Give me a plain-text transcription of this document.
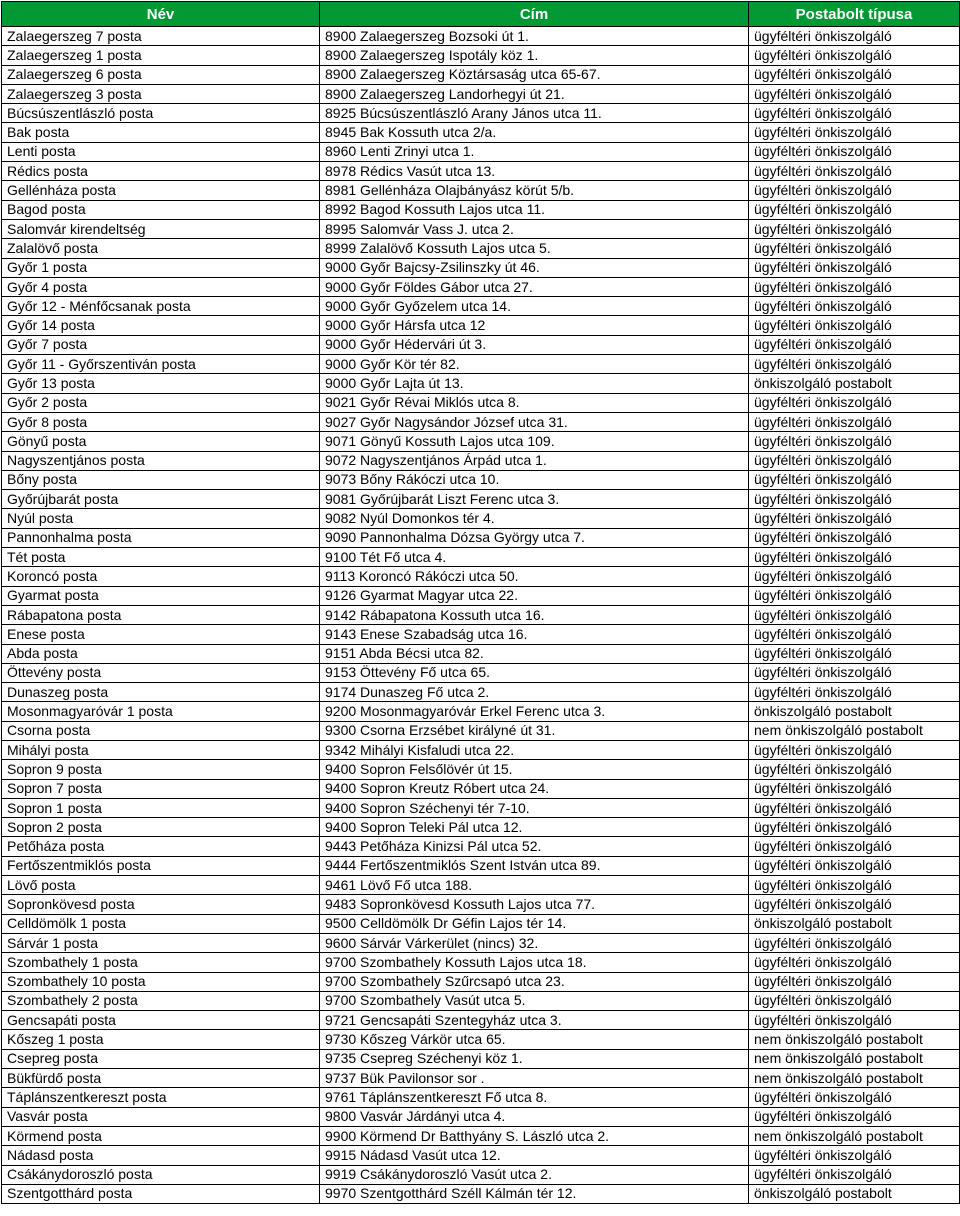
Név	Cím	Postabolt típusa
Zalaegerszeg 7 posta	8900 Zalaegerszeg Bozsoki út 1.	ügyféltéri önkiszolgáló
Zalaegerszeg 1 posta	8900 Zalaegerszeg Ispotály köz 1.	ügyféltéri önkiszolgáló
Zalaegerszeg 6 posta	8900 Zalaegerszeg Köztársaság utca 65-67.	ügyféltéri önkiszolgáló
Zalaegerszeg 3 posta	8900 Zalaegerszeg Landorhegyi út 21.	ügyféltéri önkiszolgáló
Búcsúszentlászló posta	8925 Búcsúszentlászló Arany János utca 11.	ügyféltéri önkiszolgáló
Bak posta	8945 Bak Kossuth utca 2/a.	ügyféltéri önkiszolgáló
Lenti posta	8960 Lenti Zrinyi utca 1.	ügyféltéri önkiszolgáló
Rédics posta	8978 Rédics Vasút utca 13.	ügyféltéri önkiszolgáló
Gellénháza posta	8981 Gellénháza Olajbányász körút 5/b.	ügyféltéri önkiszolgáló
Bagod posta	8992 Bagod Kossuth Lajos utca 11.	ügyféltéri önkiszolgáló
Salomvár kirendeltség	8995 Salomvár Vass J. utca 2.	ügyféltéri önkiszolgáló
Zalalövő posta	8999 Zalalövő Kossuth Lajos utca 5.	ügyféltéri önkiszolgáló
Győr 1 posta	9000 Győr Bajcsy-Zsilinszky út 46.	ügyféltéri önkiszolgáló
Győr 4 posta	9000 Győr Földes Gábor utca 27.	ügyféltéri önkiszolgáló
Győr 12 - Ménfőcsanak posta	9000 Győr Győzelem utca 14.	ügyféltéri önkiszolgáló
Győr 14 posta	9000 Győr Hársfa utca 12	ügyféltéri önkiszolgáló
Győr 7 posta	9000 Győr Hédervári út 3.	ügyféltéri önkiszolgáló
Győr 11 - Győrszentiván posta	9000 Győr Kör tér 82.	ügyféltéri önkiszolgáló
Győr 13 posta	9000 Győr Lajta út 13.	önkiszolgáló postabolt
Győr 2 posta	9021 Győr Révai Miklós utca 8.	ügyféltéri önkiszolgáló
Győr 8 posta	9027 Győr Nagysándor József utca 31.	ügyféltéri önkiszolgáló
Gönyű posta	9071 Gönyű Kossuth Lajos utca 109.	ügyféltéri önkiszolgáló
Nagyszentjános posta	9072 Nagyszentjános Árpád utca 1.	ügyféltéri önkiszolgáló
Bőny posta	9073 Bőny Rákóczi utca 10.	ügyféltéri önkiszolgáló
Győrújbarát posta	9081 Győrújbarát Liszt Ferenc utca 3.	ügyféltéri önkiszolgáló
Nyúl posta	9082 Nyúl Domonkos tér 4.	ügyféltéri önkiszolgáló
Pannonhalma posta	9090 Pannonhalma Dózsa György utca 7.	ügyféltéri önkiszolgáló
Tét posta	9100 Tét Fő utca 4.	ügyféltéri önkiszolgáló
Koroncó posta	9113 Koroncó Rákóczi utca 50.	ügyféltéri önkiszolgáló
Gyarmat posta	9126 Gyarmat Magyar utca 22.	ügyféltéri önkiszolgáló
Rábapatona posta	9142 Rábapatona Kossuth utca 16.	ügyféltéri önkiszolgáló
Enese posta	9143 Enese Szabadság utca 16.	ügyféltéri önkiszolgáló
Abda posta	9151 Abda Bécsi utca 82.	ügyféltéri önkiszolgáló
Öttevény posta	9153 Öttevény Fő utca 65.	ügyféltéri önkiszolgáló
Dunaszeg posta	9174 Dunaszeg Fő utca 2.	ügyféltéri önkiszolgáló
Mosonmagyaróvár 1 posta	9200 Mosonmagyaróvár Erkel Ferenc utca 3.	önkiszolgáló postabolt
Csorna posta	9300 Csorna Erzsébet királyné út 31.	nem önkiszolgáló postabolt
Mihályi posta	9342 Mihályi Kisfaludi utca 22.	ügyféltéri önkiszolgáló
Sopron 9 posta	9400 Sopron Felsőlövér út 15.	ügyféltéri önkiszolgáló
Sopron 7 posta	9400 Sopron Kreutz Róbert utca 24.	ügyféltéri önkiszolgáló
Sopron 1 posta	9400 Sopron Széchenyi tér 7-10.	ügyféltéri önkiszolgáló
Sopron 2 posta	9400 Sopron Teleki Pál utca 12.	ügyféltéri önkiszolgáló
Petőháza posta	9443 Petőháza Kinizsi Pál utca 52.	ügyféltéri önkiszolgáló
Fertőszentmiklós posta	9444 Fertőszentmiklós Szent István utca 89.	ügyféltéri önkiszolgáló
Lövő posta	9461 Lövő Fő utca 188.	ügyféltéri önkiszolgáló
Sopronkövesd posta	9483 Sopronkövesd Kossuth Lajos utca 77.	ügyféltéri önkiszolgáló
Celldömölk 1 posta	9500 Celldömölk Dr Géfin Lajos tér 14.	önkiszolgáló postabolt
Sárvár 1 posta	9600 Sárvár Várkerület (nincs) 32.	ügyféltéri önkiszolgáló
Szombathely 1 posta	9700 Szombathely Kossuth Lajos utca 18.	ügyféltéri önkiszolgáló
Szombathely 10 posta	9700 Szombathely Szűrcsapó utca 23.	ügyféltéri önkiszolgáló
Szombathely 2 posta	9700 Szombathely Vasút utca 5.	ügyféltéri önkiszolgáló
Gencsapáti posta	9721 Gencsapáti Szentegyház utca 3.	ügyféltéri önkiszolgáló
Kőszeg 1 posta	9730 Kőszeg Várkör utca 65.	nem önkiszolgáló postabolt
Csepreg posta	9735 Csepreg Széchenyi köz 1.	nem önkiszolgáló postabolt
Bükfürdő posta	9737 Bük Pavilonsor sor .	nem önkiszolgáló postabolt
Táplánszentkereszt posta	9761 Táplánszentkereszt Fő utca 8.	ügyféltéri önkiszolgáló
Vasvár posta	9800 Vasvár Járdányi utca 4.	ügyféltéri önkiszolgáló
Körmend posta	9900 Körmend Dr Batthyány S. László utca 2.	nem önkiszolgáló postabolt
Nádasd posta	9915 Nádasd Vasút utca 12.	ügyféltéri önkiszolgáló
Csákánydoroszló posta	9919 Csákánydoroszló Vasút utca 2.	ügyféltéri önkiszolgáló
Szentgotthárd posta	9970 Szentgotthárd Széll Kálmán tér 12.	önkiszolgáló postabolt
